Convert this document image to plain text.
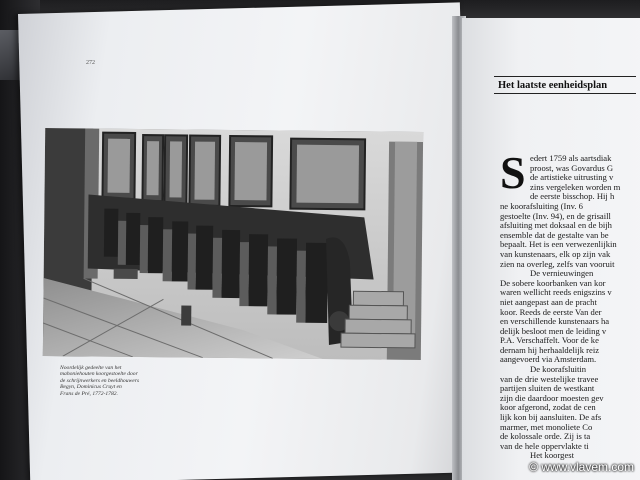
272
Noordelijk gedeelte van het
mahoniehouten koorgestoelte door
de schrijnwerkers en beeldhouwers
Begyn, Dominicus Cruyt en
Frans de Pré, 1772-1782.
Het laatste eenheidsplan
S edert 1759 als aartsdiak
proost, was Govardus G
de artistieke uitrusting v
zins vergeleken worden m
de eerste bisschop. Hij h
ne koorafsluiting (Inv. 6
gestoelte (Inv. 94), en de grisaill
afsluiting met doksaal en de bijh
ensemble dat de gestalte van be
bepaalt. Het is een verwezenlijkin
van kunstenaars, elk op zijn vak
zien na overleg, zelfs van vooruit
De vernieuwingen
De sobere koorbanken van kor
waren wellicht reeds enigszins v
niet aangepast aan de pracht
koor. Reeds de eerste Van der
en verschillende kunstenaars ha
delijk besloot men de leiding v
P.A. Verschaffelt. Voor de ke
dernam hij herhaaldelijk reiz
aangevoerd via Amsterdam.
De koorafsluitin
van de drie westelijke travee
partijen sluiten de westkant
zijn die daardoor moesten gev
koor afgerond, zodat de cen
lijk kon bij aansluiten. De afs
marmer, met monoliete Co
de kolossale orde. Zij is ta
van de hele oppervlakte ti
Het koorgest
© www.vlavem.com
